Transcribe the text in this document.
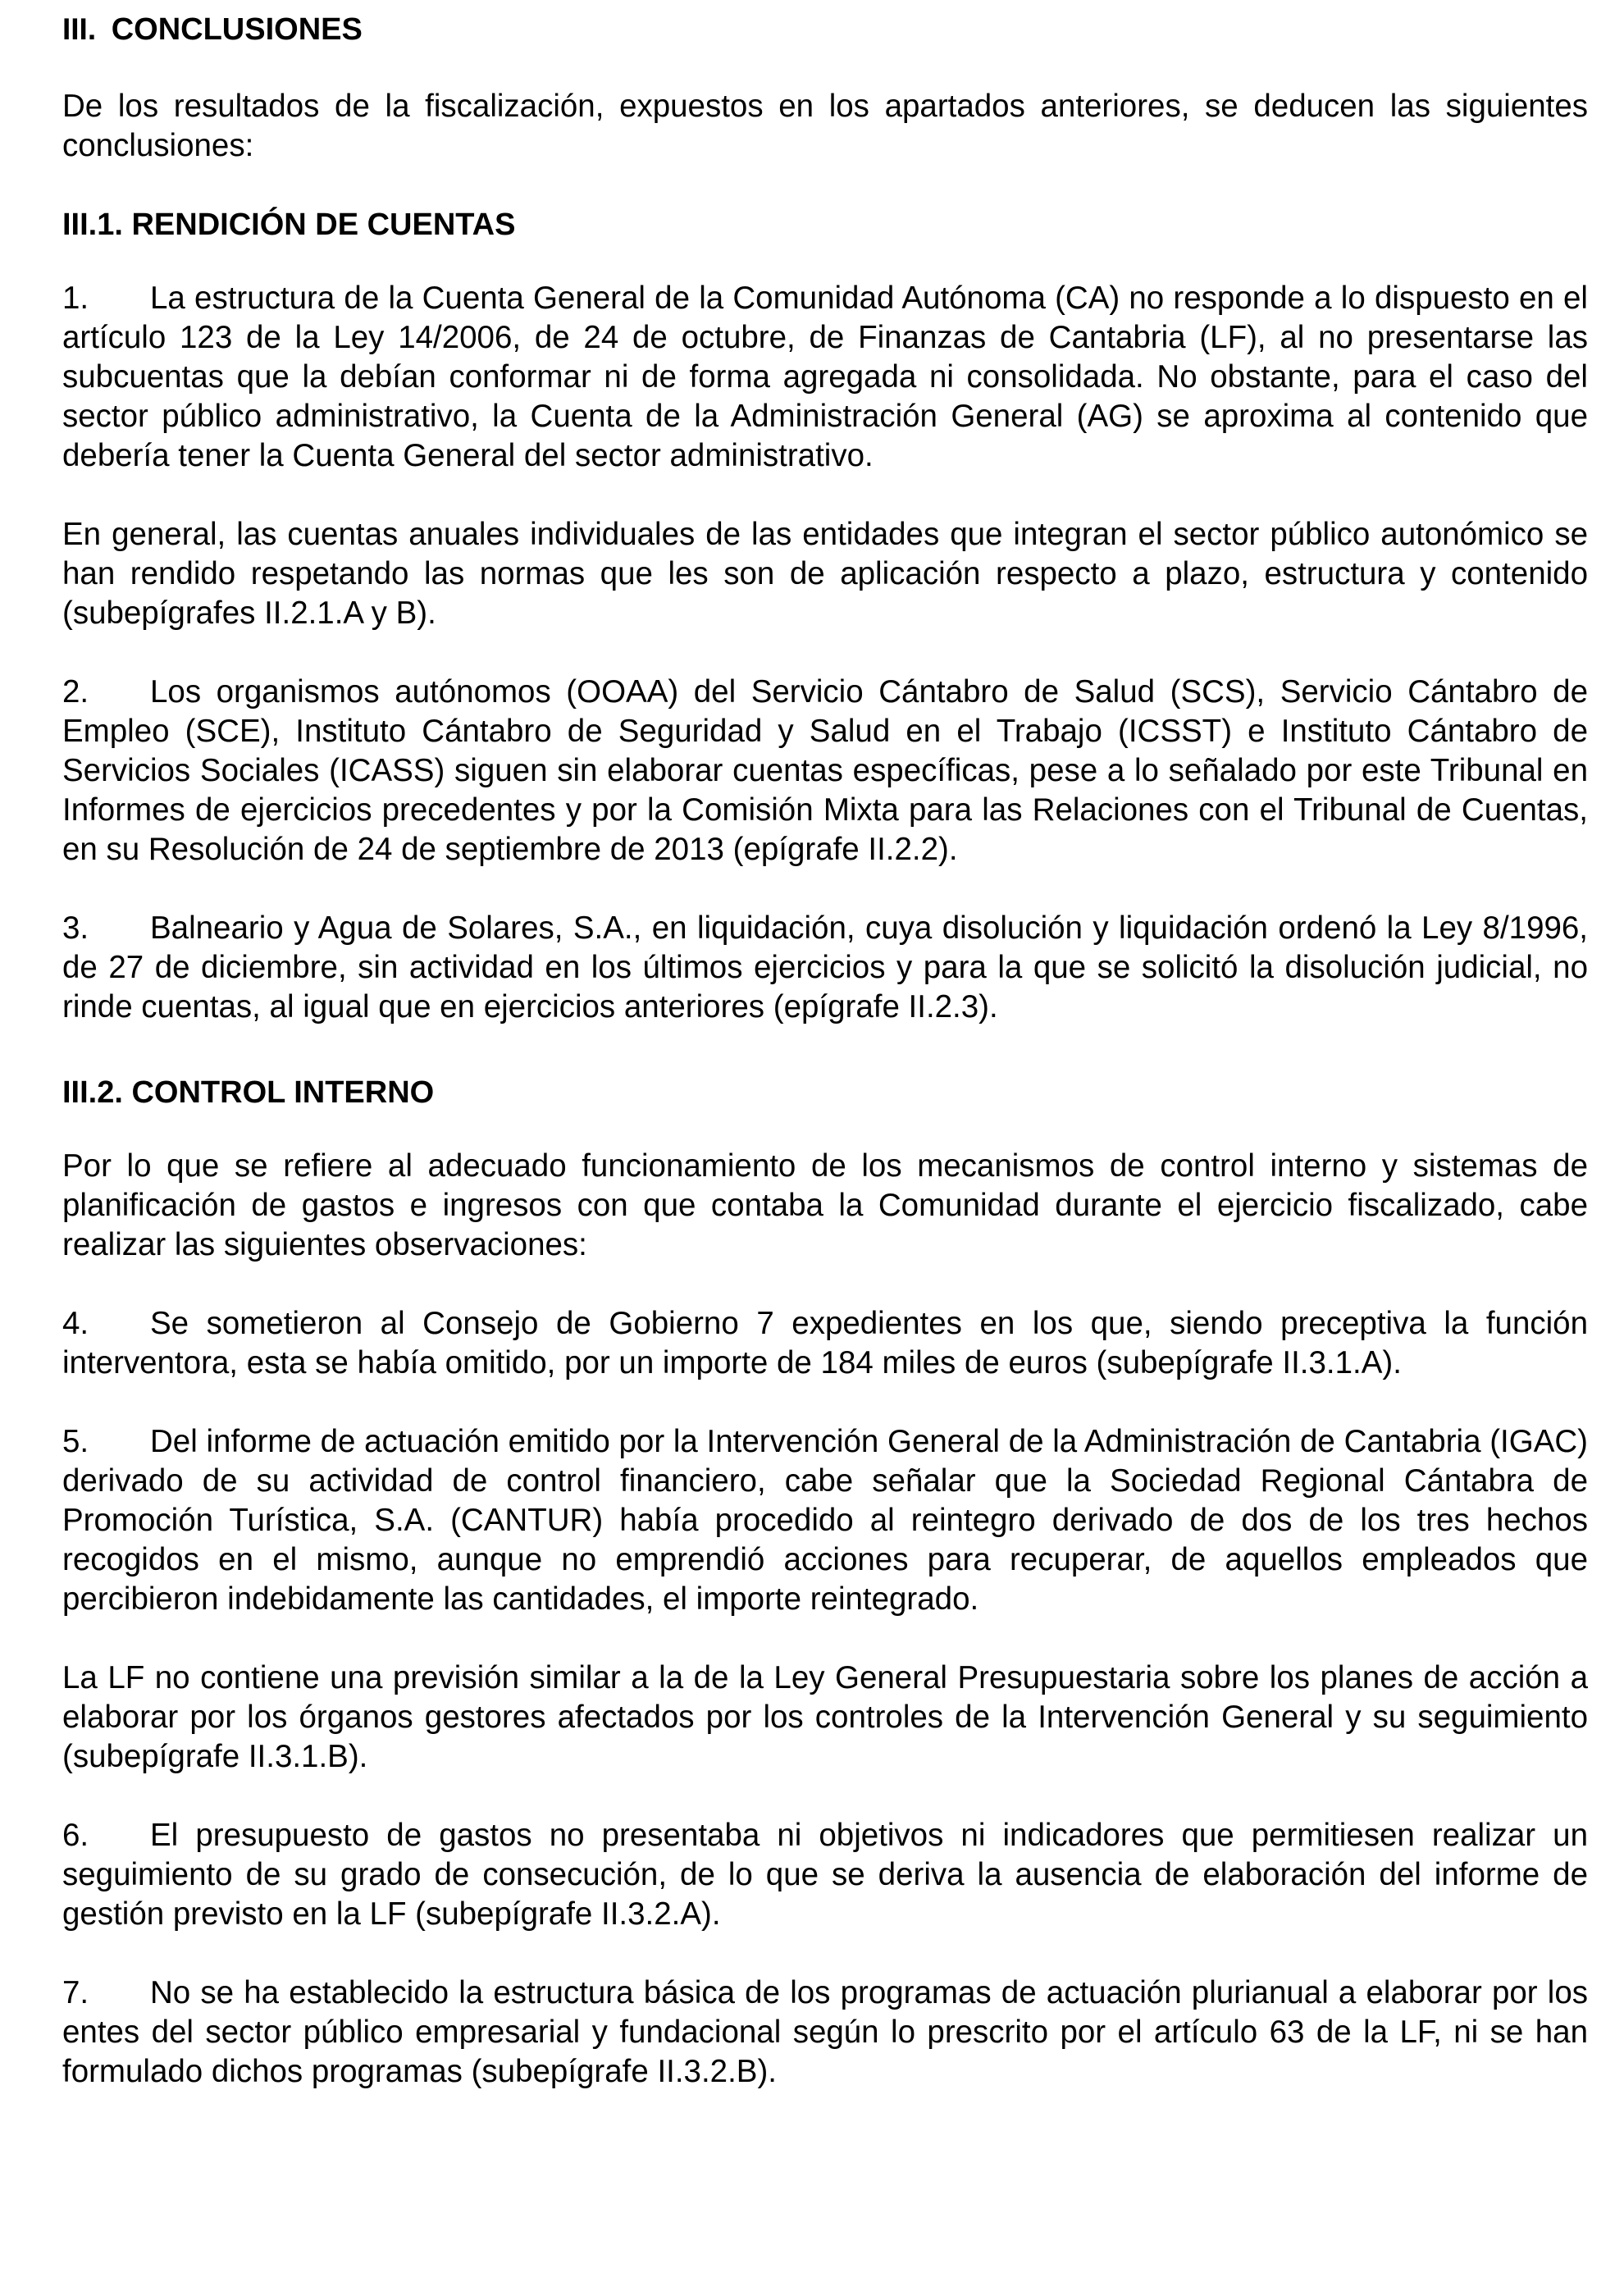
III. CONCLUSIONES

De los resultados de la fiscalización, expuestos en los apartados anteriores, se deducen las siguientes conclusiones:

III.1. RENDICIÓN DE CUENTAS

1. La estructura de la Cuenta General de la Comunidad Autónoma (CA) no responde a lo dispuesto en el artículo 123 de la Ley 14/2006, de 24 de octubre, de Finanzas de Cantabria (LF), al no presentarse las subcuentas que la debían conformar ni de forma agregada ni consolidada. No obstante, para el caso del sector público administrativo, la Cuenta de la Administración General (AG) se aproxima al contenido que debería tener la Cuenta General del sector administrativo.

En general, las cuentas anuales individuales de las entidades que integran el sector público autonómico se han rendido respetando las normas que les son de aplicación respecto a plazo, estructura y contenido (subepígrafes II.2.1.A y B).

2. Los organismos autónomos (OOAA) del Servicio Cántabro de Salud (SCS), Servicio Cántabro de Empleo (SCE), Instituto Cántabro de Seguridad y Salud en el Trabajo (ICSST) e Instituto Cántabro de Servicios Sociales (ICASS) siguen sin elaborar cuentas específicas, pese a lo señalado por este Tribunal en Informes de ejercicios precedentes y por la Comisión Mixta para las Relaciones con el Tribunal de Cuentas, en su Resolución de 24 de septiembre de 2013 (epígrafe II.2.2).

3. Balneario y Agua de Solares, S.A., en liquidación, cuya disolución y liquidación ordenó la Ley 8/1996, de 27 de diciembre, sin actividad en los últimos ejercicios y para la que se solicitó la disolución judicial, no rinde cuentas, al igual que en ejercicios anteriores (epígrafe II.2.3).

III.2. CONTROL INTERNO

Por lo que se refiere al adecuado funcionamiento de los mecanismos de control interno y sistemas de planificación de gastos e ingresos con que contaba la Comunidad durante el ejercicio fiscalizado, cabe realizar las siguientes observaciones:

4. Se sometieron al Consejo de Gobierno 7 expedientes en los que, siendo preceptiva la función interventora, esta se había omitido, por un importe de 184 miles de euros (subepígrafe II.3.1.A).

5. Del informe de actuación emitido por la Intervención General de la Administración de Cantabria (IGAC) derivado de su actividad de control financiero, cabe señalar que la Sociedad Regional Cántabra de Promoción Turística, S.A. (CANTUR) había procedido al reintegro derivado de dos de los tres hechos recogidos en el mismo, aunque no emprendió acciones para recuperar, de aquellos empleados que percibieron indebidamente las cantidades, el importe reintegrado.

La LF no contiene una previsión similar a la de la Ley General Presupuestaria sobre los planes de acción a elaborar por los órganos gestores afectados por los controles de la Intervención General y su seguimiento (subepígrafe II.3.1.B).

6. El presupuesto de gastos no presentaba ni objetivos ni indicadores que permitiesen realizar un seguimiento de su grado de consecución, de lo que se deriva la ausencia de elaboración del informe de gestión previsto en la LF (subepígrafe II.3.2.A).

7. No se ha establecido la estructura básica de los programas de actuación plurianual a elaborar por los entes del sector público empresarial y fundacional según lo prescrito por el artículo 63 de la LF, ni se han formulado dichos programas (subepígrafe II.3.2.B).
